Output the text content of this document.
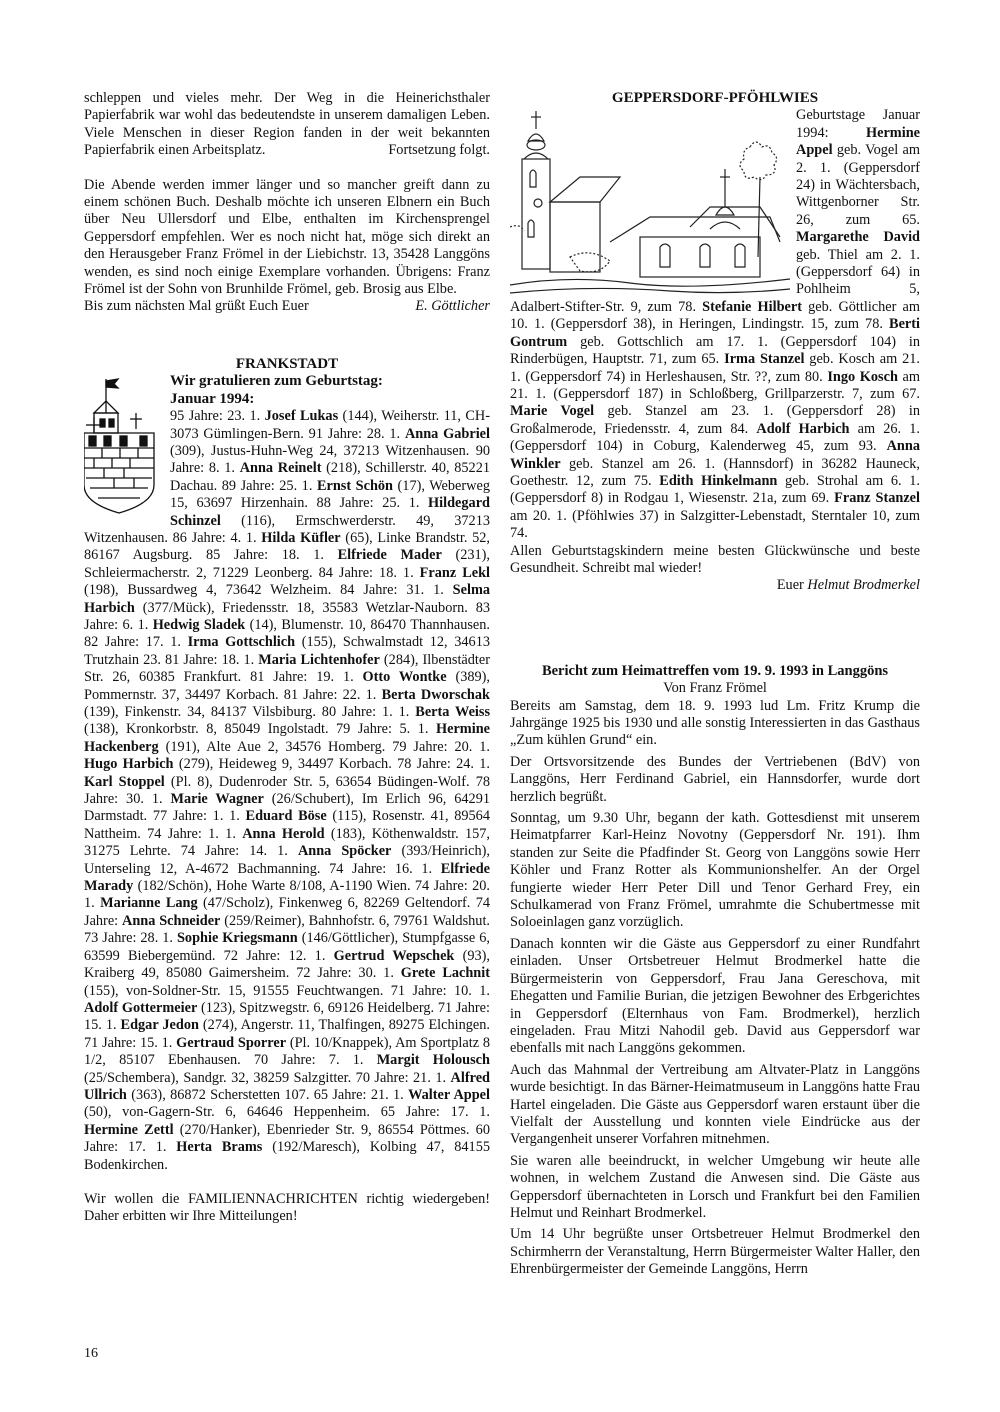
schleppen und vieles mehr. Der Weg in die Heinerichsthaler Papierfabrik war wohl das bedeutendste in unserem damaligen Leben. Viele Menschen in dieser Region fanden in der weit bekannten Papierfabrik einen Arbeitsplatz.	Fortsetzung folgt.

Die Abende werden immer länger und so mancher greift dann zu einem schönen Buch. Deshalb möchte ich unseren Elbnern ein Buch über Neu Ullersdorf und Elbe, enthalten im Kirchensprengel Geppersdorf empfehlen. Wer es noch nicht hat, möge sich direkt an den Herausgeber Franz Frömel in der Liebichstr. 13, 35428 Langgöns wenden, es sind noch einige Exemplare vorhanden. Übrigens: Franz Frömel ist der Sohn von Brunhilde Frömel, geb. Brosig aus Elbe.

Bis zum nächsten Mal grüßt Euch Euer	E. Göttlicher

FRANKSTADT

Wir gratulieren zum Geburtstag:

Januar 1994:

95 Jahre: 23. 1. Josef Lukas (144), Weiherstr. 11, CH-3073 Gümlingen-Bern. 91 Jahre: 28. 1. Anna Gabriel (309), Justus-Huhn-Weg 24, 37213 Witzenhausen. 90 Jahre: 8. 1. Anna Reinelt (218), Schillerstr. 40, 85221 Dachau. 89 Jahre: 25. 1. Ernst Schön (17), Weberweg 15, 63697 Hirzenhain. 88 Jahre: 25. 1. Hildegard Schinzel (116), Ermschwerderstr. 49, 37213 Witzenhausen. 86 Jahre: 4. 1. Hilda Küfler (65), Linke Brandstr. 52, 86167 Augsburg. 85 Jahre: 18. 1. Elfriede Mader (231), Schleiermacherstr. 2, 71229 Leonberg. 84 Jahre: 18. 1. Franz Lekl (198), Bussardweg 4, 73642 Welzheim. 84 Jahre: 31. 1. Selma Harbich (377/Mück), Friedensstr. 18, 35583 Wetzlar-Nauborn. 83 Jahre: 6. 1. Hedwig Sladek (14), Blumenstr. 10, 86470 Thannhausen. 82 Jahre: 17. 1. Irma Gottschlich (155), Schwalmstadt 12, 34613 Trutzhain 23. 81 Jahre: 18. 1. Maria Lichtenhofer (284), Ilbenstädter Str. 26, 60385 Frankfurt. 81 Jahre: 19. 1. Otto Wontke (389), Pommernstr. 37, 34497 Korbach. 81 Jahre: 22. 1. Berta Dworschak (139), Finkenstr. 34, 84137 Vilsbiburg. 80 Jahre: 1. 1. Berta Weiss (138), Kronkorbstr. 8, 85049 Ingolstadt. 79 Jahre: 5. 1. Hermine Hackenberg (191), Alte Aue 2, 34576 Homberg. 79 Jahre: 20. 1. Hugo Harbich (279), Heideweg 9, 34497 Korbach. 78 Jahre: 24. 1. Karl Stoppel (Pl. 8), Dudenroder Str. 5, 63654 Büdingen-Wolf. 78 Jahre: 30. 1. Marie Wagner (26/Schubert), Im Erlich 96, 64291 Darmstadt. 77 Jahre: 1. 1. Eduard Böse (115), Rosenstr. 41, 89564 Nattheim. 74 Jahre: 1. 1. Anna Herold (183), Köthenwaldstr. 157, 31275 Lehrte. 74 Jahre: 14. 1. Anna Spöcker (393/Heinrich), Unterseling 12, A-4672 Bachmanning. 74 Jahre: 16. 1. Elfriede Marady (182/Schön), Hohe Warte 8/108, A-1190 Wien. 74 Jahre: 20. 1. Marianne Lang (47/Scholz), Finkenweg 6, 82269 Geltendorf. 74 Jahre: Anna Schneider (259/Reimer), Bahnhofstr. 6, 79761 Waldshut. 73 Jahre: 28. 1. Sophie Kriegsmann (146/Göttlicher), Stumpfgasse 6, 63599 Biebergemünd. 72 Jahre: 12. 1. Gertrud Wepschek (93), Kraiberg 49, 85080 Gaimersheim. 72 Jahre: 30. 1. Grete Lachnit (155), von-Soldner-Str. 15, 91555 Feuchtwangen. 71 Jahre: 10. 1. Adolf Gottermeier (123), Spitzwegstr. 6, 69126 Heidelberg. 71 Jahre: 15. 1. Edgar Jedon (274), Angerstr. 11, Thalfingen, 89275 Elchingen. 71 Jahre: 15. 1. Gertraud Sporrer (Pl. 10/Knappek), Am Sportplatz 8 1/2, 85107 Ebenhausen. 70 Jahre: 7. 1. Margit Holousch (25/Schembera), Sandgr. 32, 38259 Salzgitter. 70 Jahre: 21. 1. Alfred Ullrich (363), 86872 Scherstetten 107. 65 Jahre: 21. 1. Walter Appel (50), von-Gagern-Str. 6, 64646 Heppenheim. 65 Jahre: 17. 1. Hermine Zettl (270/Hanker), Ebenrieder Str. 9, 86554 Pöttmes. 60 Jahre: 17. 1. Herta Brams (192/Maresch), Kolbing 47, 84155 Bodenkirchen.

Wir wollen die FAMILIENNACHRICHTEN richtig wiedergeben! Daher erbitten wir Ihre Mitteilungen!

GEPPERSDORF-PFÖHLWIES

Geburtstage Januar 1994: Hermine Appel geb. Vogel am 2. 1. (Geppersdorf 24) in Wächtersbach, Wittgenborner Str. 26, zum 65. Margarethe David geb. Thiel am 2. 1. (Geppersdorf 64) in Pohlheim 5, Adalbert-Stifter-Str. 9, zum 78. Stefanie Hilbert geb. Göttlicher am 10. 1. (Geppersdorf 38), in Heringen, Lindingstr. 15, zum 78. Berti Gontrum geb. Gottschlich am 17. 1. (Geppersdorf 104) in Rinderbügen, Hauptstr. 71, zum 65. Irma Stanzel geb. Kosch am 21. 1. (Geppersdorf 74) in Herleshausen, Str. ??, zum 80. Ingo Kosch am 21. 1. (Geppersdorf 187) in Schloßberg, Grillparzerstr. 7, zum 67. Marie Vogel geb. Stanzel am 23. 1. (Geppersdorf 28) in Großalmerode, Friedensstr. 4, zum 84. Adolf Harbich am 26. 1. (Geppersdorf 104) in Coburg, Kalenderweg 45, zum 93. Anna Winkler geb. Stanzel am 26. 1. (Hannsdorf) in 36282 Hauneck, Goethestr. 12, zum 75. Edith Hinkelmann geb. Strohal am 6. 1. (Geppersdorf 8) in Rodgau 1, Wiesenstr. 21a, zum 69. Franz Stanzel am 20. 1. (Pföhlwies 37) in Salzgitter-Lebenstadt, Sterntaler 10, zum 74.

Allen Geburtstagskindern meine besten Glückwünsche und beste Gesundheit. Schreibt mal wieder!

Euer Helmut Brodmerkel

Bericht zum Heimattreffen vom 19. 9. 1993 in Langgöns

Von Franz Frömel

Bereits am Samstag, dem 18. 9. 1993 lud Lm. Fritz Krump die Jahrgänge 1925 bis 1930 und alle sonstig Interessierten in das Gasthaus „Zum kühlen Grund“ ein.

Der Ortsvorsitzende des Bundes der Vertriebenen (BdV) von Langgöns, Herr Ferdinand Gabriel, ein Hannsdorfer, wurde dort herzlich begrüßt.

Sonntag, um 9.30 Uhr, begann der kath. Gottesdienst mit unserem Heimatpfarrer Karl-Heinz Novotny (Geppersdorf Nr. 191). Ihm standen zur Seite die Pfadfinder St. Georg von Langgöns sowie Herr Köhler und Franz Rotter als Kommunionshelfer. An der Orgel fungierte wieder Herr Peter Dill und Tenor Gerhard Frey, ein Schulkamerad von Franz Frömel, umrahmte die Schubertmesse mit Soloeinlagen ganz vorzüglich.

Danach konnten wir die Gäste aus Geppersdorf zu einer Rundfahrt einladen. Unser Ortsbetreuer Helmut Brodmerkel hatte die Bürgermeisterin von Geppersdorf, Frau Jana Gereschova, mit Ehegatten und Familie Burian, die jetzigen Bewohner des Erbgerichtes in Geppersdorf (Elternhaus von Fam. Brodmerkel), herzlich eingeladen. Frau Mitzi Nahodil geb. David aus Geppersdorf war ebenfalls mit nach Langgöns gekommen.

Auch das Mahnmal der Vertreibung am Altvater-Platz in Langgöns wurde besichtigt. In das Bärner-Heimatmuseum in Langgöns hatte Frau Hartel eingeladen. Die Gäste aus Geppersdorf waren erstaunt über die Vielfalt der Ausstellung und konnten viele Eindrücke aus der Vergangenheit unserer Vorfahren mitnehmen.

Sie waren alle beeindruckt, in welcher Umgebung wir heute alle wohnen, in welchem Zustand die Anwesen sind. Die Gäste aus Geppersdorf übernachteten in Lorsch und Frankfurt bei den Familien Helmut und Reinhart Brodmerkel.

Um 14 Uhr begrüßte unser Ortsbetreuer Helmut Brodmerkel den Schirmherrn der Veranstaltung, Herrn Bürgermeister Walter Haller, den Ehrenbürgermeister der Gemeinde Langgöns, Herrn

16
